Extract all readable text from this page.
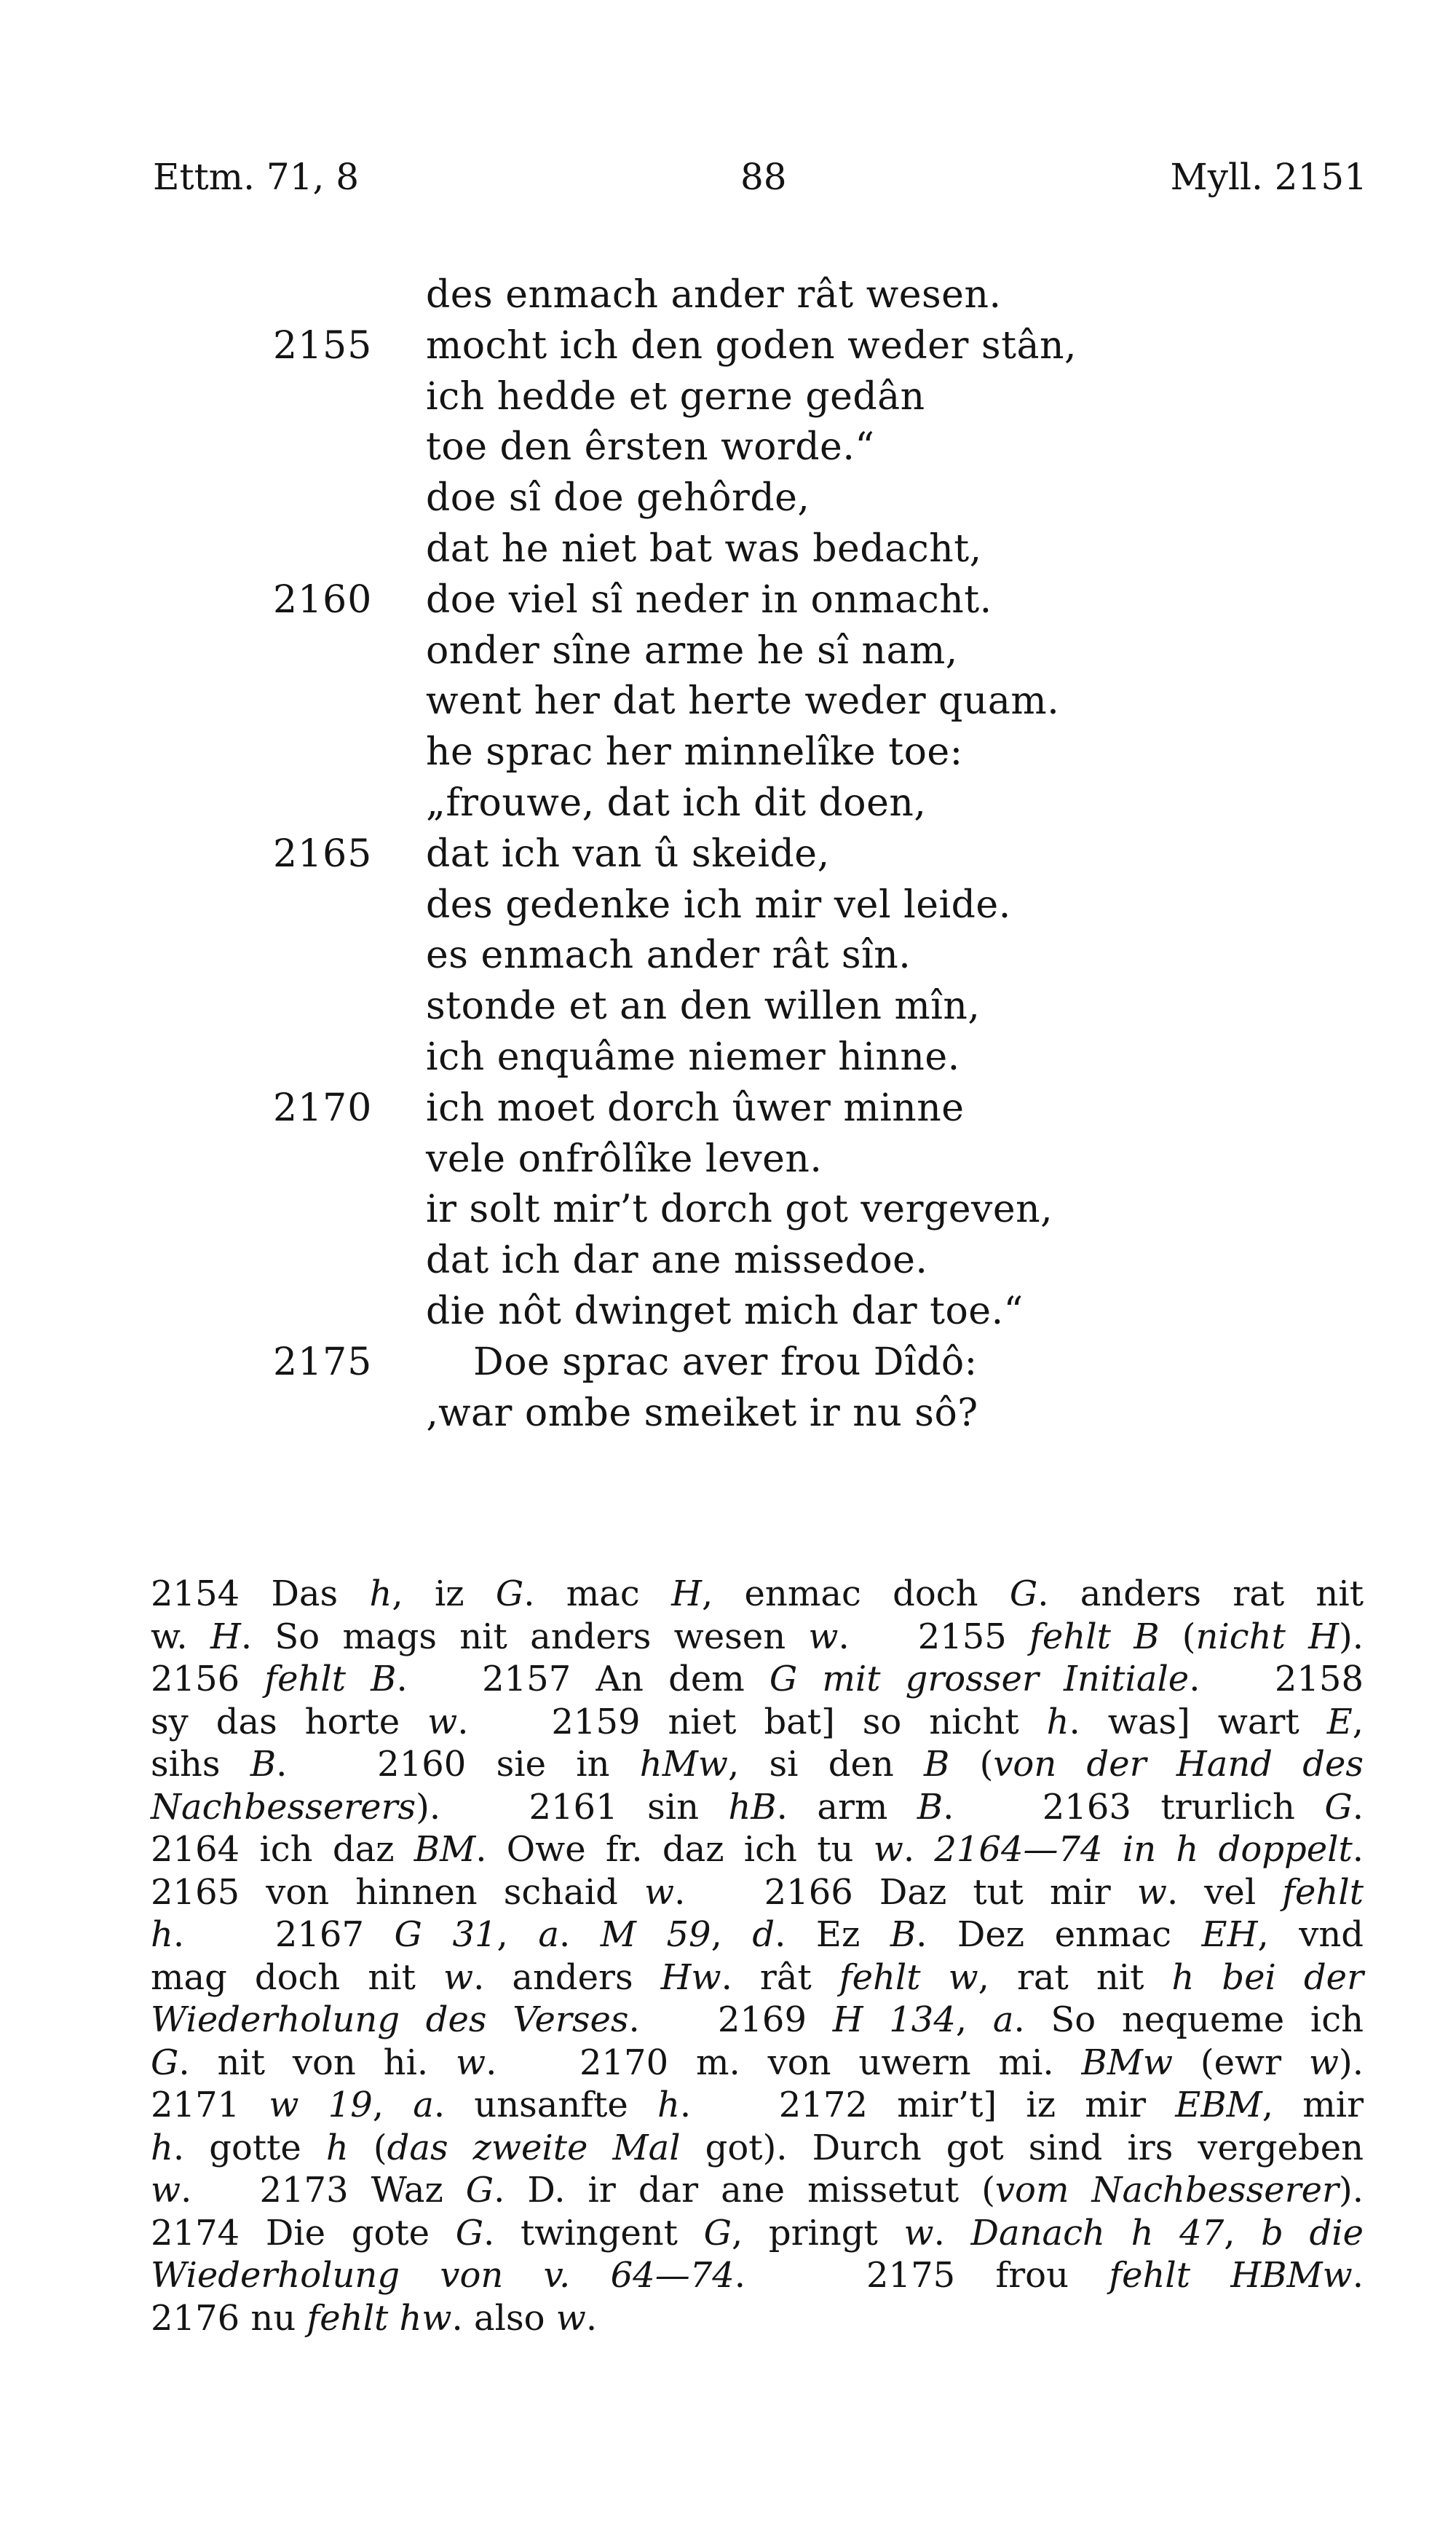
Ettm. 71, 8	88	Myll. 2151
des enmach ander rât wesen.
2155 mocht ich den goden weder stân,
ich hedde et gerne gedân
toe den êrsten worde.“
doe sî doe gehôrde,
dat he niet bat was bedacht,
2160 doe viel sî neder in onmacht.
onder sîne arme he sî nam,
went her dat herte weder quam.
he sprac her minnelîke toe:
„frouwe, dat ich dit doen,
2165 dat ich van û skeide,
des gedenke ich mir vel leide.
es enmach ander rât sîn.
stonde et an den willen mîn,
ich enquâme niemer hinne.
2170 ich moet dorch ûwer minne
vele onfrôlîke leven.
ir solt mir’t dorch got vergeven,
dat ich dar ane missedoe.
die nôt dwinget mich dar toe.“
2175	Doe sprac aver frou Dîdô:
‚war ombe smeiket ir nu sô?
2154 Das h, iz G. mac H, enmac doch G. anders rat nit
w. H. So mags nit anders wesen w.   2155 fehlt B (nicht H).
2156 fehlt B.   2157 An dem G mit grosser Initiale.   2158
sy das horte w.   2159 niet bat] so nicht h. was] wart E,
sihs B.   2160 sie in hMw, si den B (von der Hand des
Nachbesserers).   2161 sin hB. arm B.   2163 trurlich G.
2164 ich daz BM. Owe fr. daz ich tu w. 2164—74 in h doppelt.
2165 von hinnen schaid w.   2166 Daz tut mir w. vel fehlt
h.   2167 G 31, a. M 59, d. Ez B. Dez enmac EH, vnd
mag doch nit w. anders Hw. rât fehlt w, rat nit h bei der
Wiederholung des Verses.   2169 H 134, a. So nequeme ich
G. nit von hi. w.   2170 m. von uwern mi. BMw (ewr w).
2171 w 19, a. unsanfte h.   2172 mir’t] iz mir EBM, mir
h. gotte h (das zweite Mal got). Durch got sind irs vergeben
w.   2173 Waz G. D. ir dar ane missetut (vom Nachbesserer).
2174 Die gote G. twingent G, pringt w. Danach h 47, b die
Wiederholung von v. 64—74.   2175 frou fehlt HBMw.
2176 nu fehlt hw. also w.
